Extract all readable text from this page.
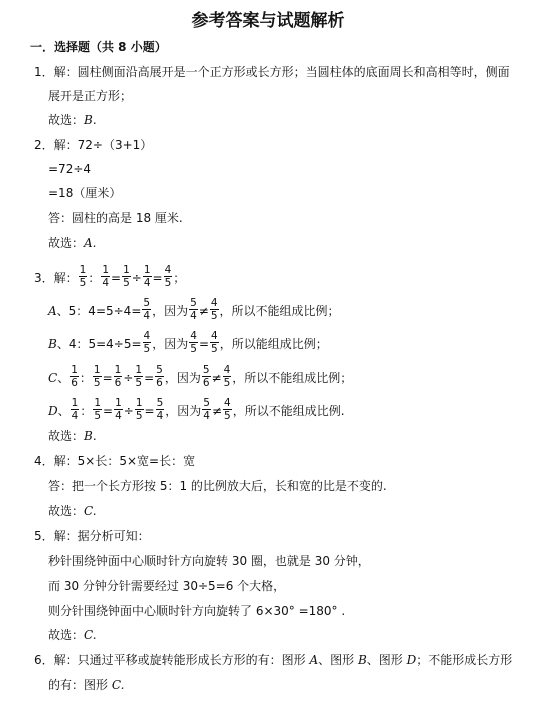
参考答案与试题解析
一．选择题（共 8 小题）
1．解：圆柱侧面沿高展开是一个正方形或长方形；当圆柱体的底面周长和高相等时，侧面
展开是正方形；
故选：B.
2．解：72÷（3+1）
=72÷4
=18（厘米）
答：圆柱的高是 18 厘米.
故选：A.
3．解： $\frac{1}{5}$ ： $\frac{1}{4} = \frac{1}{5} \div \frac{1}{4} = \frac{4}{5}$ ；
A、5：$4=5\div 4= \frac{5}{4}$ ，因为 $\frac{5}{4} \ne \frac{4}{5}$ ，所以不能组成比例；
B、4：$5=4\div 5= \frac{4}{5}$ ，因为 $\frac{4}{5} = \frac{4}{5}$ ，所以能组成比例；
C、 $\frac{1}{6}$ ： $\frac{1}{5} = \frac{1}{6} \div \frac{1}{5} = \frac{5}{6}$ ，因为 $\frac{5}{6} \ne \frac{4}{5}$ ，所以不能组成比例；
D、 $\frac{1}{4}$ ： $\frac{1}{5} = \frac{1}{4} \div \frac{1}{5} = \frac{5}{4}$ ，因为 $\frac{5}{4} \ne \frac{4}{5}$ ，所以不能组成比例.
故选：B.
4．解：5×长：5×宽=长：宽
答：把一个长方形按 5：1 的比例放大后，长和宽的比是不变的.
故选：C.
5．解：据分析可知：
秒针围绕钟面中心顺时针方向旋转 30 圈，也就是 30 分钟，
而 30 分钟分针需要经过 30÷5=6 个大格，
则分针围绕钟面中心顺时针方向旋转了 6×30° =180° .
故选：C.
6．解：只通过平移或旋转能形成长方形的有：图形 A、图形 B、图形 D；不能形成长方形
的有：图形 C.
